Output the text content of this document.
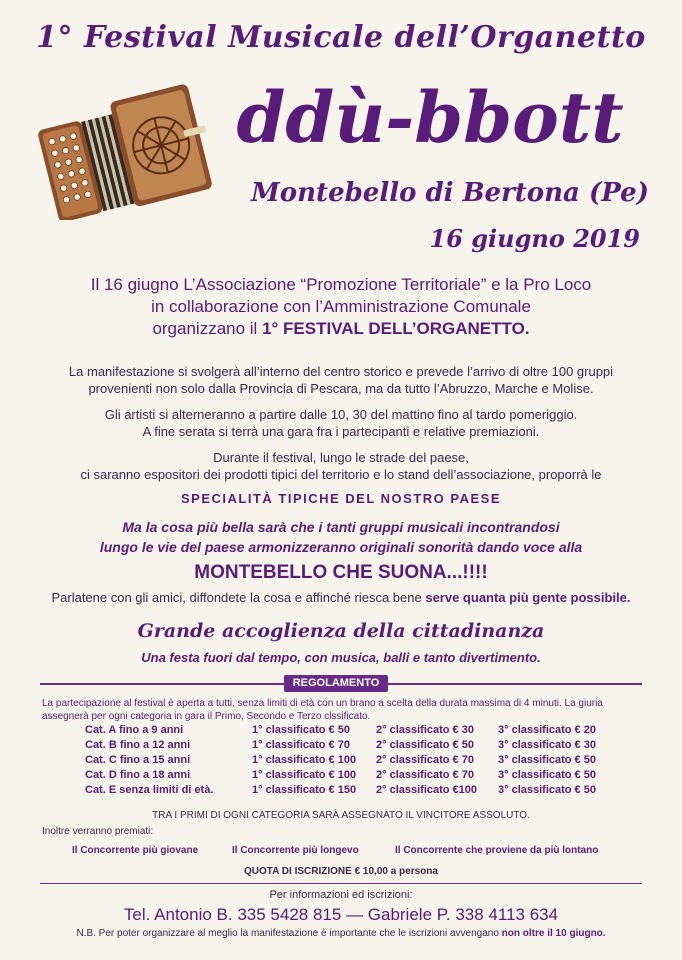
1° Festival Musicale dell’Organetto
ddù-bbott
Montebello di Bertona (Pe)
16 giugno 2019
Il 16 giugno L’Associazione “Promozione Territoriale” e la Pro Loco
in collaborazione con l’Amministrazione Comunale
organizzano il 1° FESTIVAL DELL’ORGANETTO.
La manifestazione si svolgerà all’interno del centro storico e prevede l’arrivo di oltre 100 gruppi
provenienti non solo dalla Provincia di Pescara, ma da tutto l’Abruzzo, Marche e Molise.
Gli artisti si alterneranno a partire dalle 10, 30 del mattino fino al tardo pomeriggio.
A fine serata si terrà una gara fra i partecipanti e relative premiazioni.
Durante il festival, lungo le strade del paese,
ci saranno espositori dei prodotti tipici del territorio e lo stand dell’associazione, proporrà le
SPECIALITÀ TIPICHE DEL NOSTRO PAESE
Ma la cosa più bella sarà che i tanti gruppi musicali incontrandosi
lungo le vie del paese armonizzeranno originali sonorità dando voce alla
MONTEBELLO CHE SUONA...!!!!
Parlatene con gli amici, diffondete la cosa e affinché riesca bene serve quanta più gente possibile.
Grande accoglienza della cittadinanza
Una festa fuori dal tempo, con musica, balli e tanto divertimento.
REGOLAMENTO
La partecipazione al festival è aperta a tutti, senza limiti di età con un brano a scelta della durata massima di 4 minuti. La giuria assegnerà per ogni categoria in gara il Primo, Secondo e Terzo clssificato.
Cat. A fino a 9 anni	1° classificato € 50 2° classificato € 30 3° classificato € 20
Cat. B fino a 12 anni	1° classificato € 70 2° classificato € 50 3° classificato € 30
Cat. C fino a 15 anni	1° classificato € 100 2° classificato € 70 3° classificato € 50
Cat. D fino a 18 anni	1° classificato € 100 2° classificato € 70 3° classificato € 50
Cat. E senza limiti di età.	1° classificato € 150 2° classificato €100 3° classificato € 50
TRA I PRIMI DI OGNI CATEGORIA SARÀ ASSEGNATO IL VINCITORE ASSOLUTO.
Inoltre verranno premiati:
Il Concorrente più giovane	Il Concorrente più longevo	Il Concorrente che proviene da più lontano
QUOTA DI ISCRIZIONE € 10,00 a persona
Per informazioni ed iscrizioni:
Tel. Antonio B. 335 5428 815 — Gabriele P. 338 4113 634
N.B. Per poter organizzare al meglio la manifestazione è importante che le iscrizioni avvengano non oltre il 10 giugno.
